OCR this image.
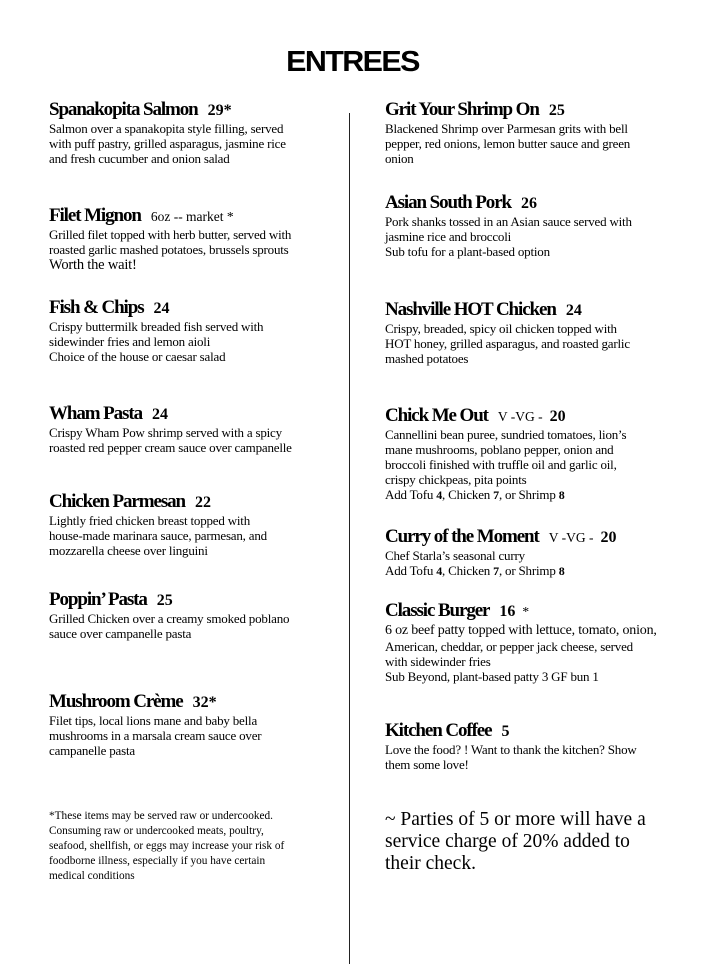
ENTREES
Spanakopita Salmon 29*
Salmon over a spanakopita style filling, served
with puff pastry, grilled asparagus, jasmine rice
and fresh cucumber and onion salad
Filet Mignon 6oz -- market *
Grilled filet topped with herb butter, served with
roasted garlic mashed potatoes, brussels sprouts
Worth the wait!
Fish & Chips 24
Crispy buttermilk breaded fish served with
sidewinder fries and lemon aioli
Choice of the house or caesar salad
Wham Pasta 24
Crispy Wham Pow shrimp served with a spicy
roasted red pepper cream sauce over campanelle
Chicken Parmesan 22
Lightly fried chicken breast topped with
house-made marinara sauce, parmesan, and
mozzarella cheese over linguini
Poppin’ Pasta 25
Grilled Chicken over a creamy smoked poblano
sauce over campanelle pasta
Mushroom Crème 32*
Filet tips, local lions mane and baby bella
mushrooms in a marsala cream sauce over
campanelle pasta
*These items may be served raw or undercooked.
Consuming raw or undercooked meats, poultry,
seafood, shellfish, or eggs may increase your risk of
foodborne illness, especially if you have certain
medical conditions
Grit Your Shrimp On 25
Blackened Shrimp over Parmesan grits with bell
pepper, red onions, lemon butter sauce and green
onion
Asian South Pork 26
Pork shanks tossed in an Asian sauce served with
jasmine rice and broccoli
Sub tofu for a plant-based option
Nashville HOT Chicken 24
Crispy, breaded, spicy oil chicken topped with
HOT honey, grilled asparagus, and roasted garlic
mashed potatoes
Chick Me Out V -VG - 20
Cannellini bean puree, sundried tomatoes, lion’s
mane mushrooms, poblano pepper, onion and
broccoli finished with truffle oil and garlic oil,
crispy chickpeas, pita points
Add Tofu 4, Chicken 7, or Shrimp 8
Curry of the Moment V -VG - 20
Chef Starla’s seasonal curry
Add Tofu 4, Chicken 7, or Shrimp 8
Classic Burger 16 *
6 oz beef patty topped with lettuce, tomato, onion,
American, cheddar, or pepper jack cheese, served
with sidewinder fries
Sub Beyond, plant-based patty 3 GF bun 1
Kitchen Coffee 5
Love the food? ! Want to thank the kitchen? Show
them some love!
~ Parties of 5 or more will have a
service charge of 20% added to
their check.
